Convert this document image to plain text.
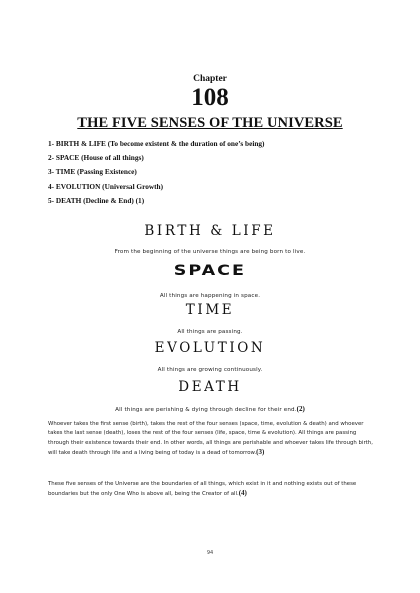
Chapter
108
THE FIVE SENSES OF THE UNIVERSE
1- BIRTH & LIFE (To become existent & the duration of one’s being)
2- SPACE (House of all things)
3- TIME (Passing Existence)
4- EVOLUTION (Universal Growth)
5- DEATH (Decline & End) (1)
BIRTH & LIFE
From the beginning of the universe things are being born to live.
SPACE
All things are happening in space.
TIME
All things are passing.
EVOLUTION
All things are growing continuously.
DEATH
All things are perishing & dying through decline for their end.(2)

Whoever takes the first sense (birth), takes the rest of the four senses (space, time, evolution & death) and whoever takes the last sense (death), loses the rest of the four senses (life, space, time & evolution). All things are passing through their existence towards their end. In other words, all things are perishable and whoever takes life through birth, will take death through life and a living being of today is a dead of tomorrow.(3)

These five senses of the Universe are the boundaries of all things, which exist in it and nothing exists out of these boundaries but the only One Who is above all, being the Creator of all.(4)

94
